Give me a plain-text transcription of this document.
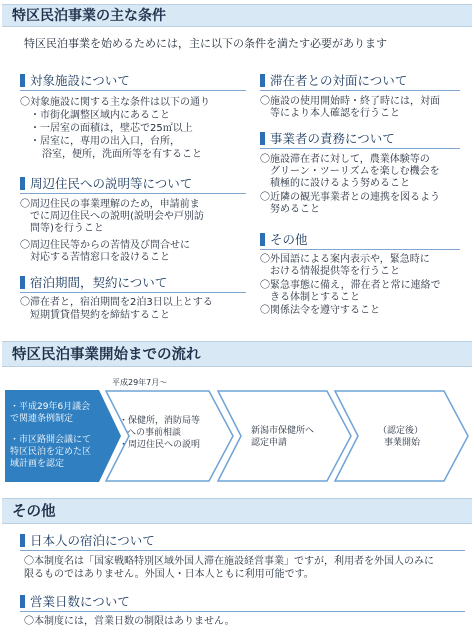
特区民泊事業の主な条件
特区民泊事業を始めるためには，主に以下の条件を満たす必要があります
対象施設について
〇対象施設に関する主な条件は以下の通り
・市街化調整区域内にあること
・一居室の面積は，壁芯で25㎡以上
・居室に，専用の出入口，台所，
浴室，便所，洗面所等を有すること
周辺住民への説明等について
〇周辺住民の事業理解のため，申請前ま
でに周辺住民への説明(説明会や戸別訪
問等)を行うこと
〇周辺住民等からの苦情及び問合せに
対応する苦情窓口を設けること
宿泊期間，契約について
〇滞在者と，宿泊期間を2泊3日以上とする
短期賃貸借契約を締結すること
滞在者との対面について
〇施設の使用開始時・終了時には，対面
等により本人確認を行うこと
事業者の責務について
〇施設滞在者に対して，農業体験等の
グリーン・ツーリズムを楽しむ機会を
積極的に設けるよう努めること
〇近隣の観光事業者との連携を図るよう
努めること
その他
〇外国語による案内表示や，緊急時に
おける情報提供等を行うこと
〇緊急事態に備え，滞在者と常に連絡で
きる体制とすること
〇関係法令を遵守すること
特区民泊事業開始までの流れ
平成29年7月～
・平成29年6月議会
で関連条例制定
・市区路開会議にて
特区民泊を定めた区
域計画を認定
・保健所，消防局等
への事前相談
・周辺住民への説明
新潟市保健所へ
認定申請
（認定後）
事業開始
その他
日本人の宿泊について
〇本制度名は「国家戦略特別区域外国人滞在施設経営事業」ですが，利用者を外国人のみに
限るものではありません。外国人・日本人ともに利用可能です。
営業日数について
〇本制度には，営業日数の制限はありません。
